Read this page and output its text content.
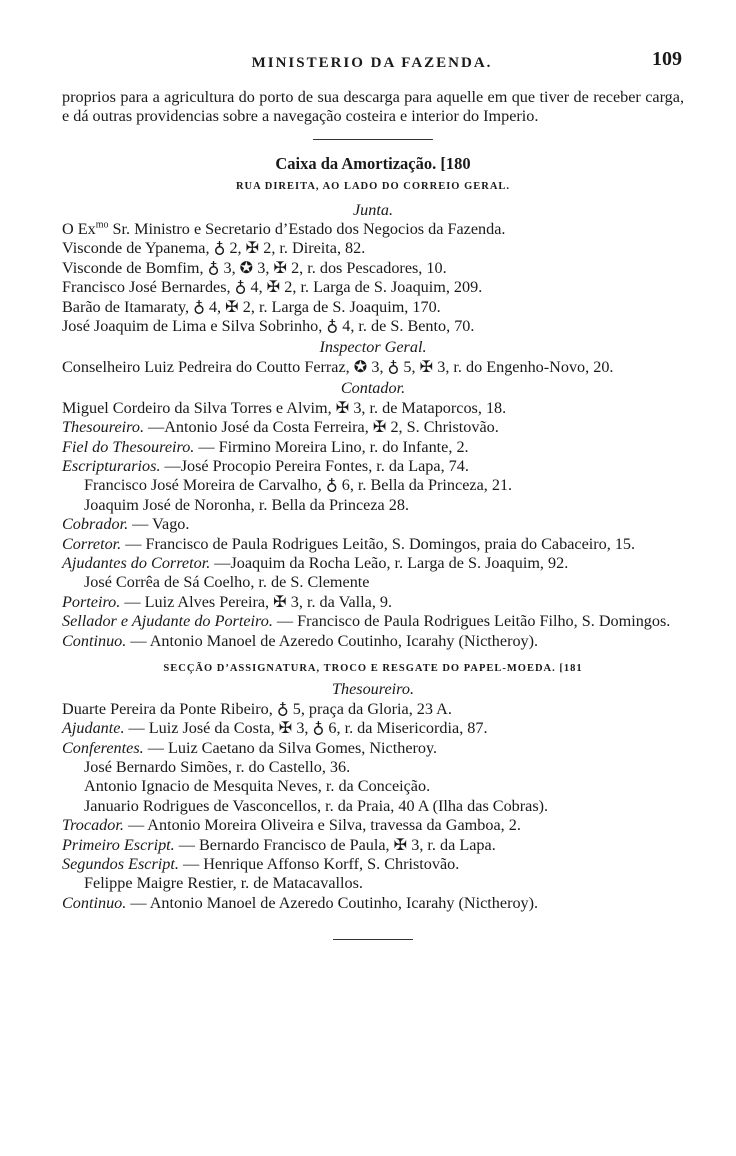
MINISTERIO DA FAZENDA.	109

proprios para a agricultura do porto de sua descarga para aquelle em que tiver de receber carga, e dá outras providencias sobre a navegação costeira e interior do Imperio.

Caixa da Amortização. [180
RUA DIREITA, AO LADO DO CORREIO GERAL.
Junta.

O $Ex^{mo}$ Sr. Ministro e Secretario d’Estado dos Negocios da Fazenda.

Visconde de Ypanema, ♁ 2, ✠ 2, r. Direita, 82.

Visconde de Bomfim, ♁ 3, ✪ 3, ✠ 2, r. dos Pescadores, 10.

Francisco José Bernardes, ♁ 4, ✠ 2, r. Larga de S. Joaquim, 209.

Barão de Itamaraty, ♁ 4, ✠ 2, r. Larga de S. Joaquim, 170.

José Joaquim de Lima e Silva Sobrinho, ♁ 4, r. de S. Bento, 70.

Inspector Geral.

Conselheiro Luiz Pedreira do Coutto Ferraz, ✪ 3, ♁ 5, ✠ 3, r. do Engenho-Novo, 20.

Contador.

Miguel Cordeiro da Silva Torres e Alvim, ✠ 3, r. de Mataporcos, 18.

Thesoureiro. —Antonio José da Costa Ferreira, ✠ 2, S. Christovão.

Fiel do Thesoureiro. — Firmino Moreira Lino, r. do Infante, 2.

Escripturarios. —José Procopio Pereira Fontes, r. da Lapa, 74.

Francisco José Moreira de Carvalho, ♁ 6, r. Bella da Princeza, 21.

Joaquim José de Noronha, r. Bella da Princeza 28.

Cobrador. — Vago.

Corretor. — Francisco de Paula Rodrigues Leitão, S. Domingos, praia do Cabaceiro, 15.

Ajudantes do Corretor. —Joaquim da Rocha Leão, r. Larga de S. Joaquim, 92.

José Corrêa de Sá Coelho, r. de S. Clemente

Porteiro. — Luiz Alves Pereira, ✠ 3, r. da Valla, 9.

Sellador e Ajudante do Porteiro. — Francisco de Paula Rodrigues Leitão Filho, S. Domingos.

Continuo. — Antonio Manoel de Azeredo Coutinho, Icarahy (Nictheroy).

SECÇÃO D’ASSIGNATURA, TROCO E RESGATE DO PAPEL-MOEDA. [181
Thesoureiro.

Duarte Pereira da Ponte Ribeiro, ♁ 5, praça da Gloria, 23 A.

Ajudante. — Luiz José da Costa, ✠ 3, ♁ 6, r. da Misericordia, 87.

Conferentes. — Luiz Caetano da Silva Gomes, Nictheroy.

José Bernardo Simões, r. do Castello, 36.

Antonio Ignacio de Mesquita Neves, r. da Conceição.

Januario Rodrigues de Vasconcellos, r. da Praia, 40 A (Ilha das Cobras).

Trocador. — Antonio Moreira Oliveira e Silva, travessa da Gamboa, 2.

Primeiro Escript. — Bernardo Francisco de Paula, ✠ 3, r. da Lapa.

Segundos Escript. — Henrique Affonso Korff, S. Christovão.

Felippe Maigre Restier, r. de Matacavallos.

Continuo. — Antonio Manoel de Azeredo Coutinho, Icarahy (Nictheroy).
